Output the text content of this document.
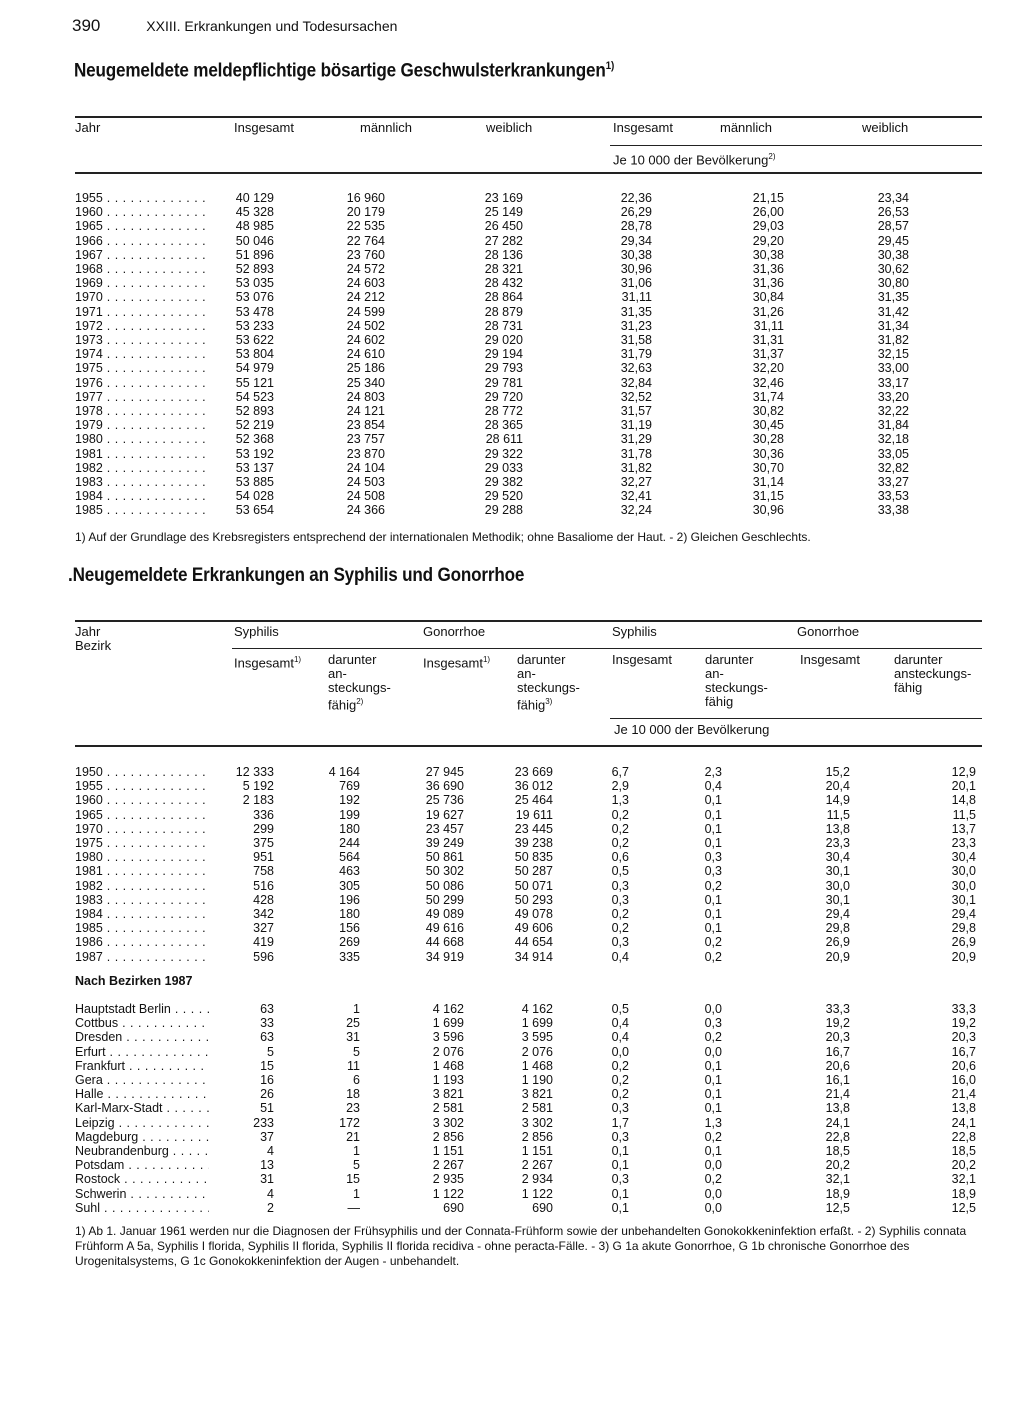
390	XXIII. Erkrankungen und Todesursachen
Neugemeldete meldepflichtige bösartige Geschwulsterkrankungen$^{1)}$
Jahr	Insgesamt	männlich	weiblich	Insgesamt	männlich	weiblich
Je 10 000 der Bevölkerung$^{2)}$
1955 . . .	40 129	16 960	23 169	22,36	21,15	23,34
1960 . . .	45 328	20 179	25 149	26,29	26,00	26,53
1965 . . .	48 985	22 535	26 450	28,78	29,03	28,57
1966 . . .	50 046	22 764	27 282	29,34	29,20	29,45
1967 . . .	51 896	23 760	28 136	30,38	30,38	30,38
1968 . . .	52 893	24 572	28 321	30,96	31,36	30,62
1969 . . .	53 035	24 603	28 432	31,06	31,36	30,80
1970 . . .	53 076	24 212	28 864	31,11	30,84	31,35
1971 . . .	53 478	24 599	28 879	31,35	31,26	31,42
1972 . . .	53 233	24 502	28 731	31,23	31,11	31,34
1973 . . .	53 622	24 602	29 020	31,58	31,31	31,82
1974 . . .	53 804	24 610	29 194	31,79	31,37	32,15
1975 . . .	54 979	25 186	29 793	32,63	32,20	33,00
1976 . . .	55 121	25 340	29 781	32,84	32,46	33,17
1977 . . .	54 523	24 803	29 720	32,52	31,74	33,20
1978 . . .	52 893	24 121	28 772	31,57	30,82	32,22
1979 . . .	52 219	23 854	28 365	31,19	30,45	31,84
1980 . . .	52 368	23 757	28 611	31,29	30,28	32,18
1981 . . .	53 192	23 870	29 322	31,78	30,36	33,05
1982 . . .	53 137	24 104	29 033	31,82	30,70	32,82
1983 . . .	53 885	24 503	29 382	32,27	31,14	33,27
1984 . . .	54 028	24 508	29 520	32,41	31,15	33,53
1985 . . .	53 654	24 366	29 288	32,24	30,96	33,38
1) Auf der Grundlage des Krebsregisters entsprechend der internationalen Methodik; ohne Basaliome der Haut. - 2) Gleichen Geschlechts.
.Neugemeldete Erkrankungen an Syphilis und Gonorrhoe
Jahr
Bezirk
Syphilis	Gonorrhoe	Syphilis	Gonorrhoe
Insgesamt$^{1)}$ darunter
an-
steckungs-
fähig$^{2)}$
Insgesamt$^{1)}$ darunter
an-
steckungs-
fähig$^{3)}$
Insgesamt	darunter
an-
steckungs-
fähig
Insgesamt	darunter
ansteckungs-
fähig
Je 10 000 der Bevölkerung
1950 . . .	12 333	4 164	27 945	23 669	6,7	2,3	15,2	12,9
1955 . . .	5 192	769	36 690	36 012	2,9	0,4	20,4	20,1
1960 . . .	2 183	192	25 736	25 464	1,3	0,1	14,9	14,8
1965 . . .	336	199	19 627	19 611	0,2	0,1	11,5	11,5
1970 . . .	299	180	23 457	23 445	0,2	0,1	13,8	13,7
1975 . . .	375	244	39 249	39 238	0,2	0,1	23,3	23,3
1980 . . .	951	564	50 861	50 835	0,6	0,3	30,4	30,4
1981 . . .	758	463	50 302	50 287	0,5	0,3	30,1	30,0
1982 . . .	516	305	50 086	50 071	0,3	0,2	30,0	30,0
1983 . . .	428	196	50 299	50 293	0,3	0,1	30,1	30,1
1984 . . .	342	180	49 089	49 078	0,2	0,1	29,4	29,4
1985 . . .	327	156	49 616	49 606	0,2	0,1	29,8	29,8
1986 . . .	419	269	44 668	44 654	0,3	0,2	26,9	26,9
1987 . . .	596	335	34 919	34 914	0,4	0,2	20,9	20,9
Nach Bezirken 1987
Hauptstadt Berlin . . .	63	1	4 162	4 162	0,5	0,0	33,3	33,3
Cottbus . . .	33	25	1 699	1 699	0,4	0,3	19,2	19,2
Dresden . . .	63	31	3 596	3 595	0,4	0,2	20,3	20,3
Erfurt . . .	5	5	2 076	2 076	0,0	0,0	16,7	16,7
Frankfurt . . .	15	11	1 468	1 468	0,2	0,1	20,6	20,6
Gera . . .	16	6	1 193	1 190	0,2	0,1	16,1	16,0
Halle . . .	26	18	3 821	3 821	0,2	0,1	21,4	21,4
Karl-Marx-Stadt . . .	51	23	2 581	2 581	0,3	0,1	13,8	13,8
Leipzig . . .	233	172	3 302	3 302	1,7	1,3	24,1	24,1
Magdeburg . . .	37	21	2 856	2 856	0,3	0,2	22,8	22,8
Neubrandenburg . . .	4	1	1 151	1 151	0,1	0,1	18,5	18,5
Potsdam . . .	13	5	2 267	2 267	0,1	0,0	20,2	20,2
Rostock . . .	31	15	2 935	2 934	0,3	0,2	32,1	32,1
Schwerin . . .	4	1	1 122	1 122	0,1	0,0	18,9	18,9
Suhl . . .	2	—	690	690	0,1	0,0	12,5	12,5
1) Ab 1. Januar 1961 werden nur die Diagnosen der Frühsyphilis und der Connata-Frühform sowie der unbehandelten Gonokokkeninfektion erfaßt. - 2) Syphilis connata Frühform A 5a, Syphilis I florida, Syphilis II florida, Syphilis II florida recidiva - ohne peracta-Fälle. - 3) G 1a akute Gonorrhoe, G 1b chronische Gonorrhoe des Urogenitalsystems, G 1c Gonokokkeninfektion der Augen - unbehandelt.
